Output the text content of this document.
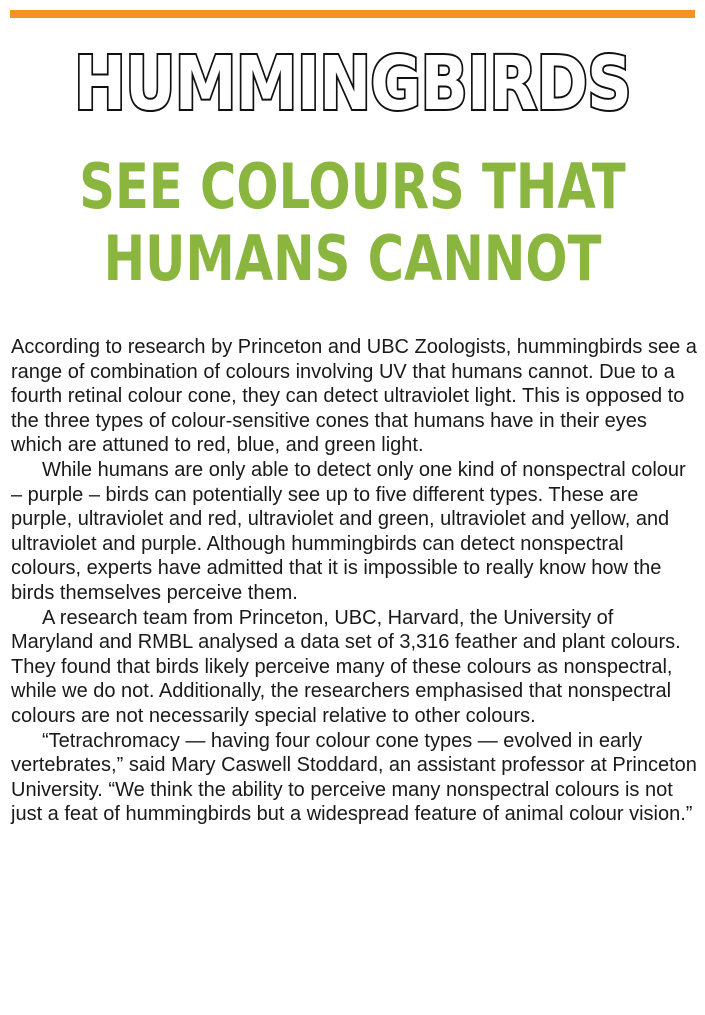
HUMMINGBIRDS
SEE COLOURS THAT
HUMANS CANNOT

According to research by Princeton and UBC Zoologists, hummingbirds see a range of combination of colours involving UV that humans cannot. Due to a fourth retinal colour cone, they can detect ultraviolet light. This is opposed to the three types of colour-sensitive cones that humans have in their eyes which are attuned to red, blue, and green light.

While humans are only able to detect only one kind of nonspectral colour – purple – birds can potentially see up to five different types. These are purple, ultraviolet and red, ultraviolet and green, ultraviolet and yellow, and ultraviolet and purple. Although hummingbirds can detect nonspectral colours, experts have admitted that it is impossible to really know how the birds themselves perceive them.

A research team from Princeton, UBC, Harvard, the University of Maryland and RMBL analysed a data set of 3,316 feather and plant colours. They found that birds likely perceive many of these colours as nonspectral, while we do not. Additionally, the researchers emphasised that nonspectral colours are not necessarily special relative to other colours.

“Tetrachromacy — having four colour cone types — evolved in early vertebrates,” said Mary Caswell Stoddard, an assistant professor at Princeton University. “We think the ability to perceive many nonspectral colours is not just a feat of hummingbirds but a widespread feature of animal colour vision.”
